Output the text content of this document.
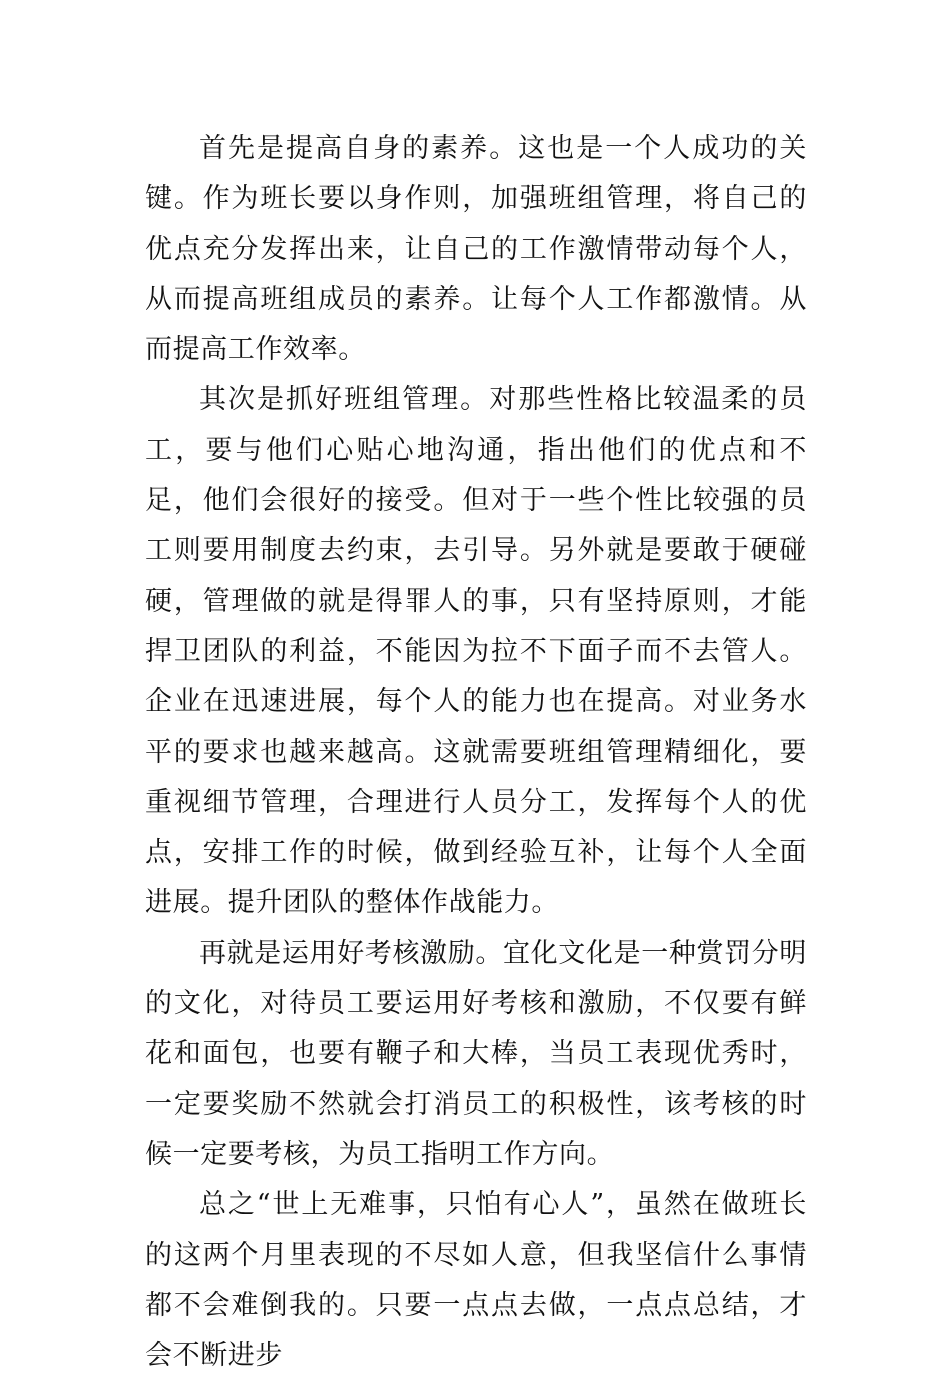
首先是提高自身的素养。这也是一个人成功的关键。作为班长要以身作则，加强班组管理，将自己的优点充分发挥出来，让自己的工作激情带动每个人，从而提高班组成员的素养。让每个人工作都激情。从而提高工作效率。

其次是抓好班组管理。对那些性格比较温柔的员工，要与他们心贴心地沟通，指出他们的优点和不足，他们会很好的接受。但对于一些个性比较强的员工则要用制度去约束，去引导。另外就是要敢于硬碰硬，管理做的就是得罪人的事，只有坚持原则，才能捍卫团队的利益，不能因为拉不下面子而不去管人。企业在迅速进展，每个人的能力也在提高。对业务水平的要求也越来越高。这就需要班组管理精细化，要重视细节管理，合理进行人员分工，发挥每个人的优点，安排工作的时候，做到经验互补，让每个人全面进展。提升团队的整体作战能力。

再就是运用好考核激励。宜化文化是一种赏罚分明的文化，对待员工要运用好考核和激励，不仅要有鲜花和面包，也要有鞭子和大棒，当员工表现优秀时，一定要奖励不然就会打消员工的积极性，该考核的时候一定要考核，为员工指明工作方向。

总之“世上无难事，只怕有心人”，虽然在做班长的这两个月里表现的不尽如人意，但我坚信什么事情都不会难倒我的。只要一点点去做，一点点总结，才会不断进步
